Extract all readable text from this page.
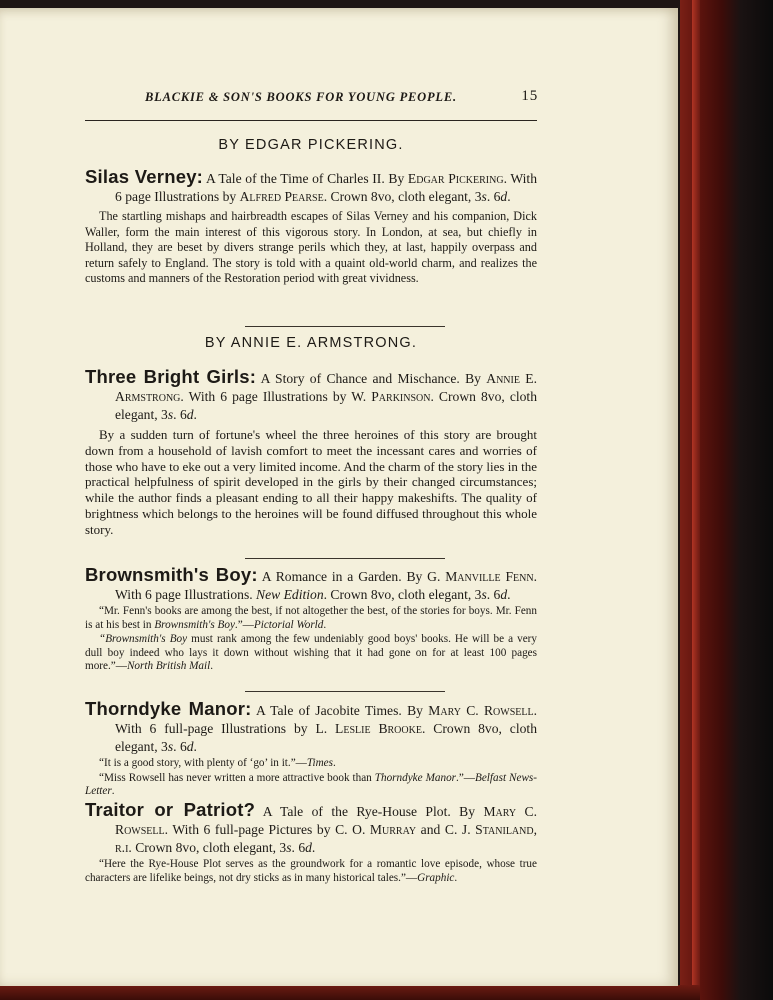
BLACKIE & SON'S BOOKS FOR YOUNG PEOPLE.	15
BY EDGAR PICKERING.
Silas Verney: A Tale of the Time of Charles II. By Edgar Pickering. With 6 page Illustrations by Alfred Pearse. Crown 8vo, cloth elegant, 3s. 6d.
The startling mishaps and hairbreadth escapes of Silas Verney and his companion, Dick Waller, form the main interest of this vigorous story. In London, at sea, but chiefly in Holland, they are beset by divers strange perils which they, at last, happily overpass and return safely to England. The story is told with a quaint old-world charm, and realizes the customs and manners of the Restoration period with great vividness.
BY ANNIE E. ARMSTRONG.
Three Bright Girls: A Story of Chance and Mischance. By Annie E. Armstrong. With 6 page Illustrations by W. Parkinson. Crown 8vo, cloth elegant, 3s. 6d.
By a sudden turn of fortune's wheel the three heroines of this story are brought down from a household of lavish comfort to meet the incessant cares and worries of those who have to eke out a very limited income. And the charm of the story lies in the practical helpfulness of spirit developed in the girls by their changed circumstances; while the author finds a pleasant ending to all their happy makeshifts. The quality of brightness which belongs to the heroines will be found diffused throughout this whole story.
Brownsmith's Boy: A Romance in a Garden. By G. Manville Fenn. With 6 page Illustrations. New Edition. Crown 8vo, cloth elegant, 3s. 6d.
“Mr. Fenn's books are among the best, if not altogether the best, of the stories for boys. Mr. Fenn is at his best in Brownsmith's Boy.”—Pictorial World.
“Brownsmith's Boy must rank among the few undeniably good boys' books. He will be a very dull boy indeed who lays it down without wishing that it had gone on for at least 100 pages more.”—North British Mail.
Thorndyke Manor: A Tale of Jacobite Times. By Mary C. Rowsell. With 6 full-page Illustrations by L. Leslie Brooke. Crown 8vo, cloth elegant, 3s. 6d.
“It is a good story, with plenty of ‘go’ in it.”—Times.
“Miss Rowsell has never written a more attractive book than Thorndyke Manor.”—Belfast News-Letter.
Traitor or Patriot? A Tale of the Rye-House Plot. By Mary C. Rowsell. With 6 full-page Pictures by C. O. Murray and C. J. Staniland, r.i. Crown 8vo, cloth elegant, 3s. 6d.
“Here the Rye-House Plot serves as the groundwork for a romantic love episode, whose true characters are lifelike beings, not dry sticks as in many historical tales.”—Graphic.
